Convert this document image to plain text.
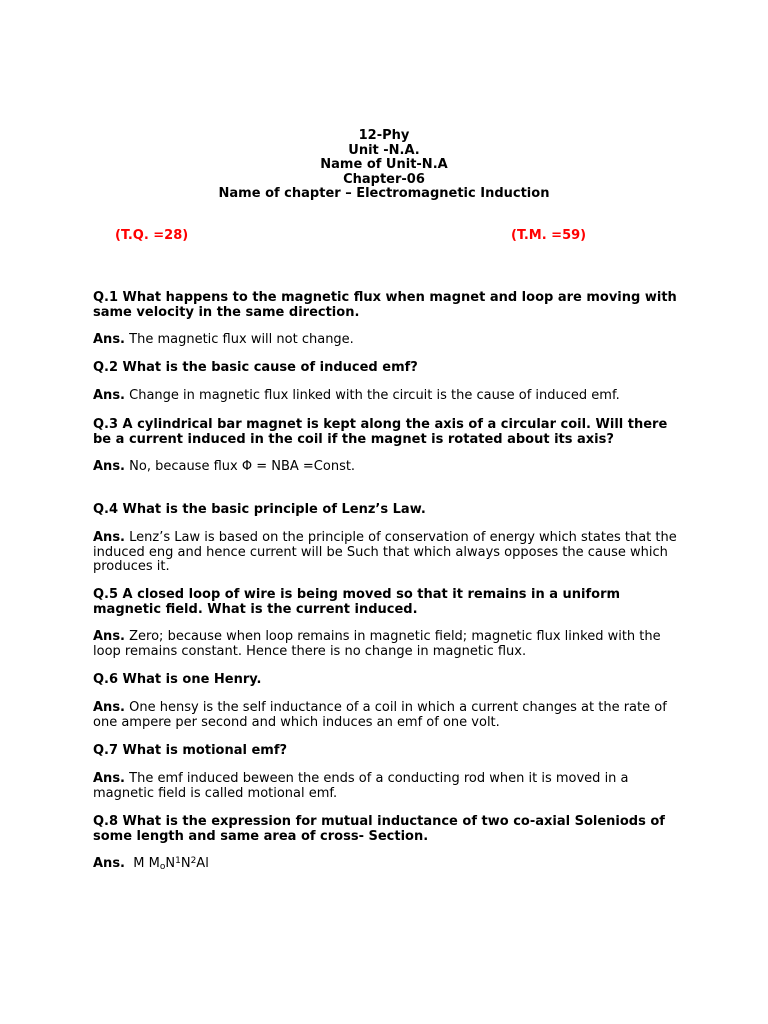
12-Phy
Unit -N.A.
Name of Unit-N.A
Chapter-06
Name of chapter – Electromagnetic Induction
(T.Q. =28)	(T.M. =59)

Q.1 What happens to the magnetic flux when magnet and loop are moving with same velocity in the same direction.

Ans. The magnetic flux will not change.

Q.2 What is the basic cause of induced emf?

Ans. Change in magnetic flux linked with the circuit is the cause of induced emf.

Q.3 A cylindrical bar magnet is kept along the axis of a circular coil. Will there be a current induced in the coil if the magnet is rotated about its axis?

Ans. No, because flux Φ = NBA =Const.

Q.4 What is the basic principle of Lenz’s Law.

Ans. Lenz’s Law is based on the principle of conservation of energy which states that the induced eng and hence current will be Such that which always opposes the cause which produces it.

Q.5 A closed loop of wire is being moved so that it remains in a uniform magnetic field. What is the current induced.

Ans. Zero; because when loop remains in magnetic field; magnetic flux linked with the loop remains constant. Hence there is no change in magnetic flux.

Q.6 What is one Henry.

Ans. One hensy is the self inductance of a coil in which a current changes at the rate of one ampere per second and which induces an emf of one volt.

Q.7 What is motional emf?

Ans. The emf induced beween the ends of a conducting rod when it is moved in a magnetic field is called motional emf.

Q.8 What is the expression for mutual inductance of two co-axial Soleniods of some length and same area of cross- Section.

Ans. M $M_oN^1N^2Al$
